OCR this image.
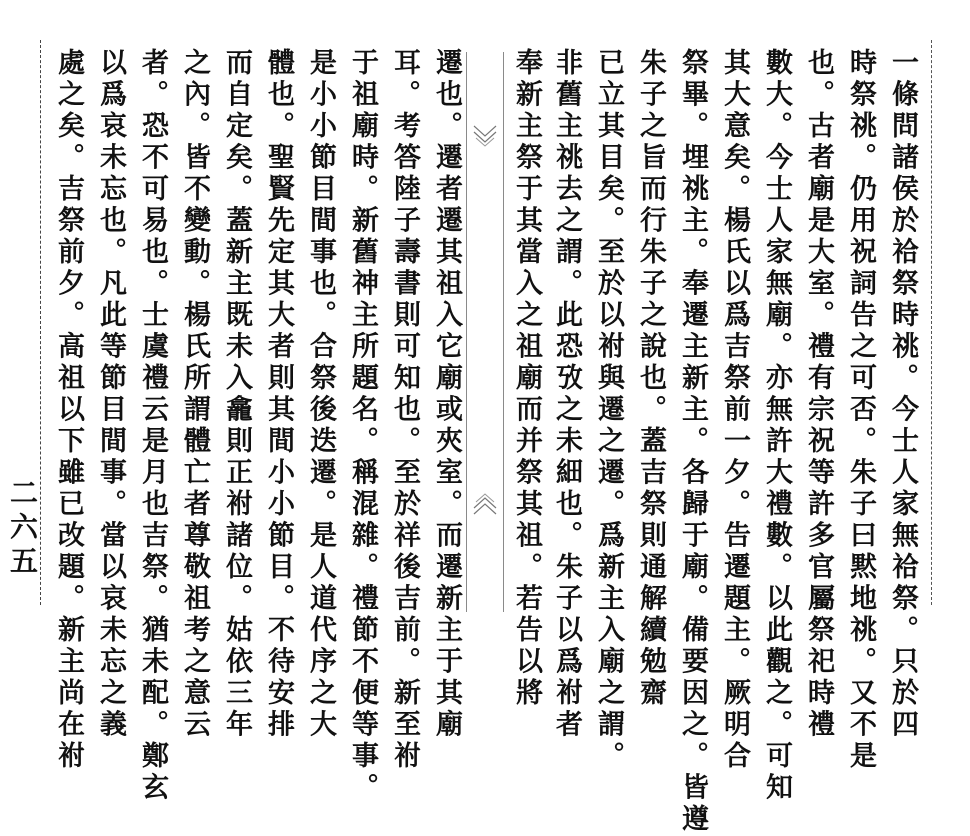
一條問諸侯於祫祭時祧。今士人家無祫祭。只於四
時祭祧。仍用祝詞告之可否。朱子曰黙地祧。又不是
也。古者廟是大室。禮有宗祝等許多官屬祭祀時禮
數大。今士人家無廟。亦無許大禮數。以此觀之。可知
其大意矣。楊氏以爲吉祭前一夕。告遷題主。厥明合
祭畢。埋祧主。奉遷主新主。各歸于廟。備要因之。皆遵
朱子之旨而行朱子之說也。蓋吉祭則通解續勉齋
已立其目矣。至於以祔與遷之遷。爲新主入廟之謂。
非舊主祧去之謂。此恐攷之未細也。朱子以爲祔者
奉新主祭于其當入之祖廟而并祭其祖。若告以將
遷也。遷者遷其祖入它廟或夾室。而遷新主于其廟
耳。考答陸子壽書則可知也。至於祥後吉前。新至祔
于祖廟時。新舊神主所題名。稱混雜。禮節不便等事。
是小小節目間事也。合祭後迭遷。是人道代序之大
體也。聖賢先定其大者則其間小小節目。不待安排
而自定矣。蓋新主既未入龕則正祔諸位。姑依三年
之內。皆不變動。楊氏所謂體亡者尊敬祖考之意云
者。恐不可易也。士虞禮云是月也吉祭。猶未配。鄭玄
以爲哀未忘也。凡此等節目間事。當以哀未忘之義
處之矣。吉祭前夕。高祖以下雖已改題。新主尚在祔
二六五
